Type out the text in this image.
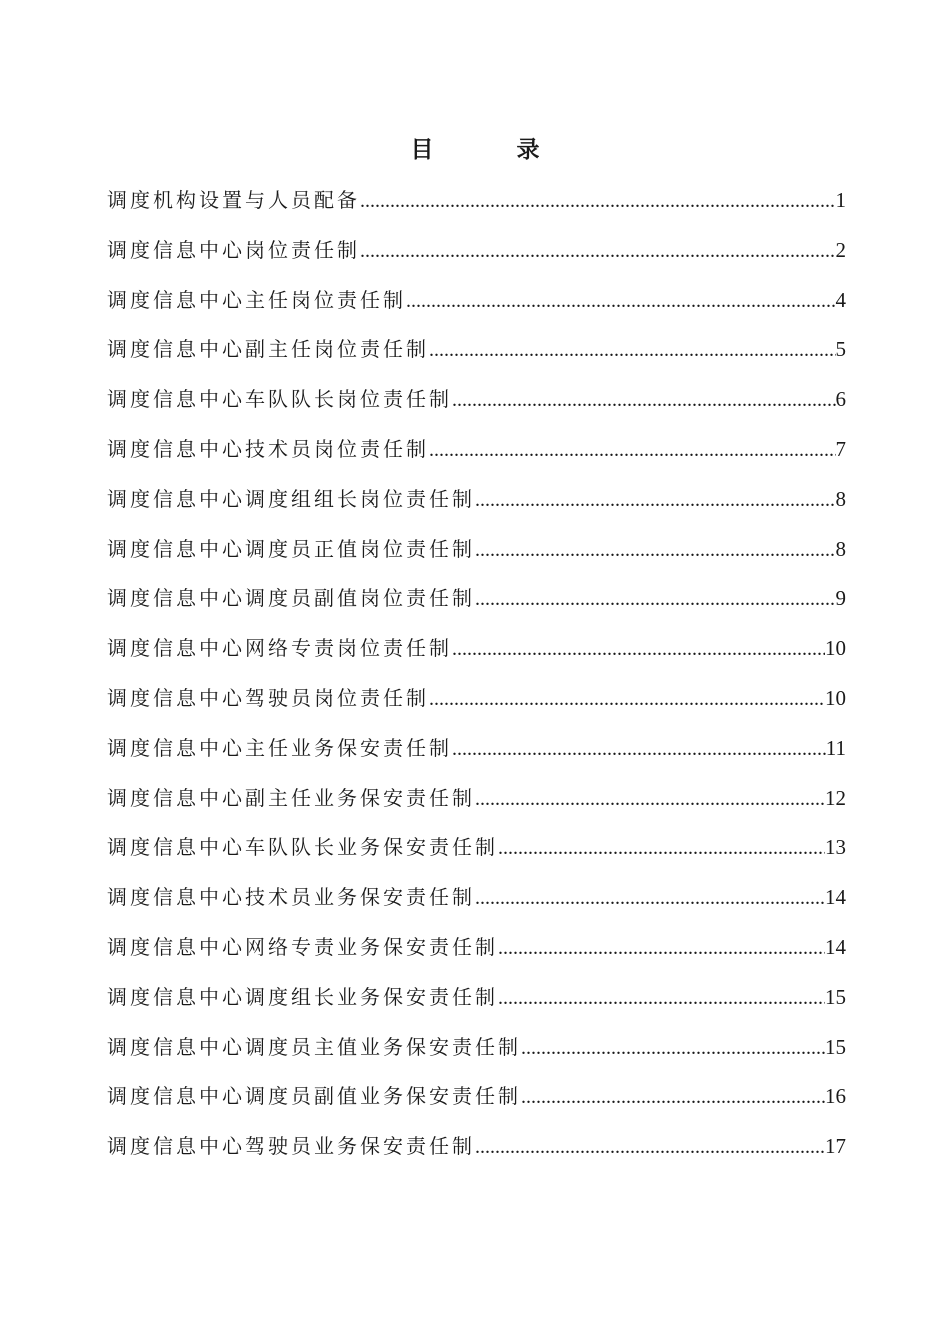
目　录
调度机构设置与人员配备 .....	1
调度信息中心岗位责任制 .....	2
调度信息中心主任岗位责任制 .....	4
调度信息中心副主任岗位责任制 .....	5
调度信息中心车队队长岗位责任制 .....	6
调度信息中心技术员岗位责任制 .....	7
调度信息中心调度组组长岗位责任制 .....	8
调度信息中心调度员正值岗位责任制 .....	8
调度信息中心调度员副值岗位责任制 .....	9
调度信息中心网络专责岗位责任制 .....	10
调度信息中心驾驶员岗位责任制 .....	10
调度信息中心主任业务保安责任制 .....	11
调度信息中心副主任业务保安责任制 .....	12
调度信息中心车队队长业务保安责任制 .....	13
调度信息中心技术员业务保安责任制 .....	14
调度信息中心网络专责业务保安责任制 .....	14
调度信息中心调度组长业务保安责任制 .....	15
调度信息中心调度员主值业务保安责任制 .....	15
调度信息中心调度员副值业务保安责任制 .....	16
调度信息中心驾驶员业务保安责任制 .....	17
